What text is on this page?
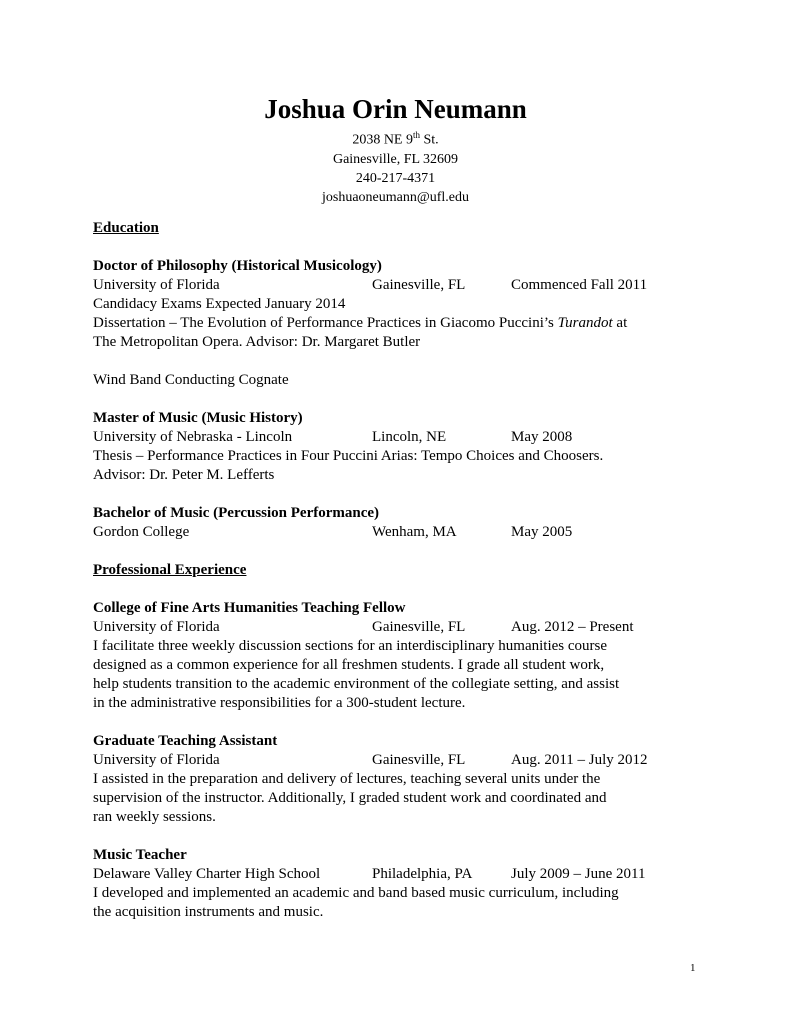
Joshua Orin Neumann
2038 NE 9th St.
Gainesville, FL 32609
240-217-4371
joshuaoneumann@ufl.edu
Education
Doctor of Philosophy (Historical Musicology)
University of Florida	Gainesville, FL	Commenced Fall 2011
Candidacy Exams Expected January 2014
Dissertation – The Evolution of Performance Practices in Giacomo Puccini’s Turandot at
The Metropolitan Opera. Advisor: Dr. Margaret Butler
Wind Band Conducting Cognate
Master of Music (Music History)
University of Nebraska - Lincoln	Lincoln, NE	May 2008
Thesis – Performance Practices in Four Puccini Arias: Tempo Choices and Choosers.
Advisor: Dr. Peter M. Lefferts
Bachelor of Music (Percussion Performance)
Gordon College	Wenham, MA	May 2005
Professional Experience
College of Fine Arts Humanities Teaching Fellow
University of Florida	Gainesville, FL	Aug. 2012 – Present
I facilitate three weekly discussion sections for an interdisciplinary humanities course
designed as a common experience for all freshmen students. I grade all student work,
help students transition to the academic environment of the collegiate setting, and assist
in the administrative responsibilities for a 300-student lecture.
Graduate Teaching Assistant
University of Florida	Gainesville, FL	Aug. 2011 – July 2012
I assisted in the preparation and delivery of lectures, teaching several units under the
supervision of the instructor. Additionally, I graded student work and coordinated and
ran weekly sessions.
Music Teacher
Delaware Valley Charter High School	Philadelphia, PA	July 2009 – June 2011
I developed and implemented an academic and band based music curriculum, including
the acquisition instruments and music.
1
